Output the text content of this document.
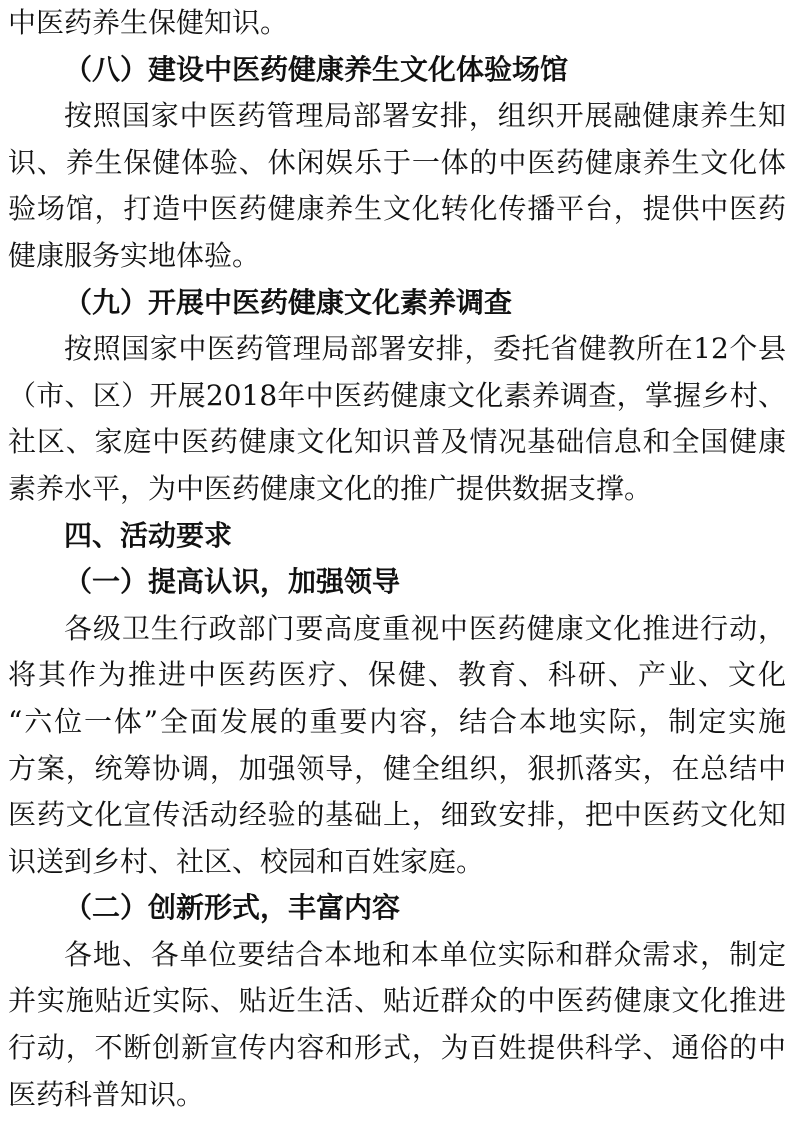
中医药养生保健知识。
（八）建设中医药健康养生文化体验场馆
按照国家中医药管理局部署安排，组织开展融健康养生知
识、养生保健体验、休闲娱乐于一体的中医药健康养生文化体
验场馆，打造中医药健康养生文化转化传播平台，提供中医药
健康服务实地体验。
（九）开展中医药健康文化素养调查
按照国家中医药管理局部署安排，委托省健教所在12个县
（市、区）开展2018年中医药健康文化素养调查，掌握乡村、
社区、家庭中医药健康文化知识普及情况基础信息和全国健康
素养水平，为中医药健康文化的推广提供数据支撑。
四、活动要求
（一）提高认识，加强领导
各级卫生行政部门要高度重视中医药健康文化推进行动，
将其作为推进中医药医疗、保健、教育、科研、产业、文化
“六位一体”全面发展的重要内容，结合本地实际，制定实施
方案，统筹协调，加强领导，健全组织，狠抓落实，在总结中
医药文化宣传活动经验的基础上，细致安排，把中医药文化知
识送到乡村、社区、校园和百姓家庭。
（二）创新形式，丰富内容
各地、各单位要结合本地和本单位实际和群众需求，制定
并实施贴近实际、贴近生活、贴近群众的中医药健康文化推进
行动，不断创新宣传内容和形式，为百姓提供科学、通俗的中
医药科普知识。
